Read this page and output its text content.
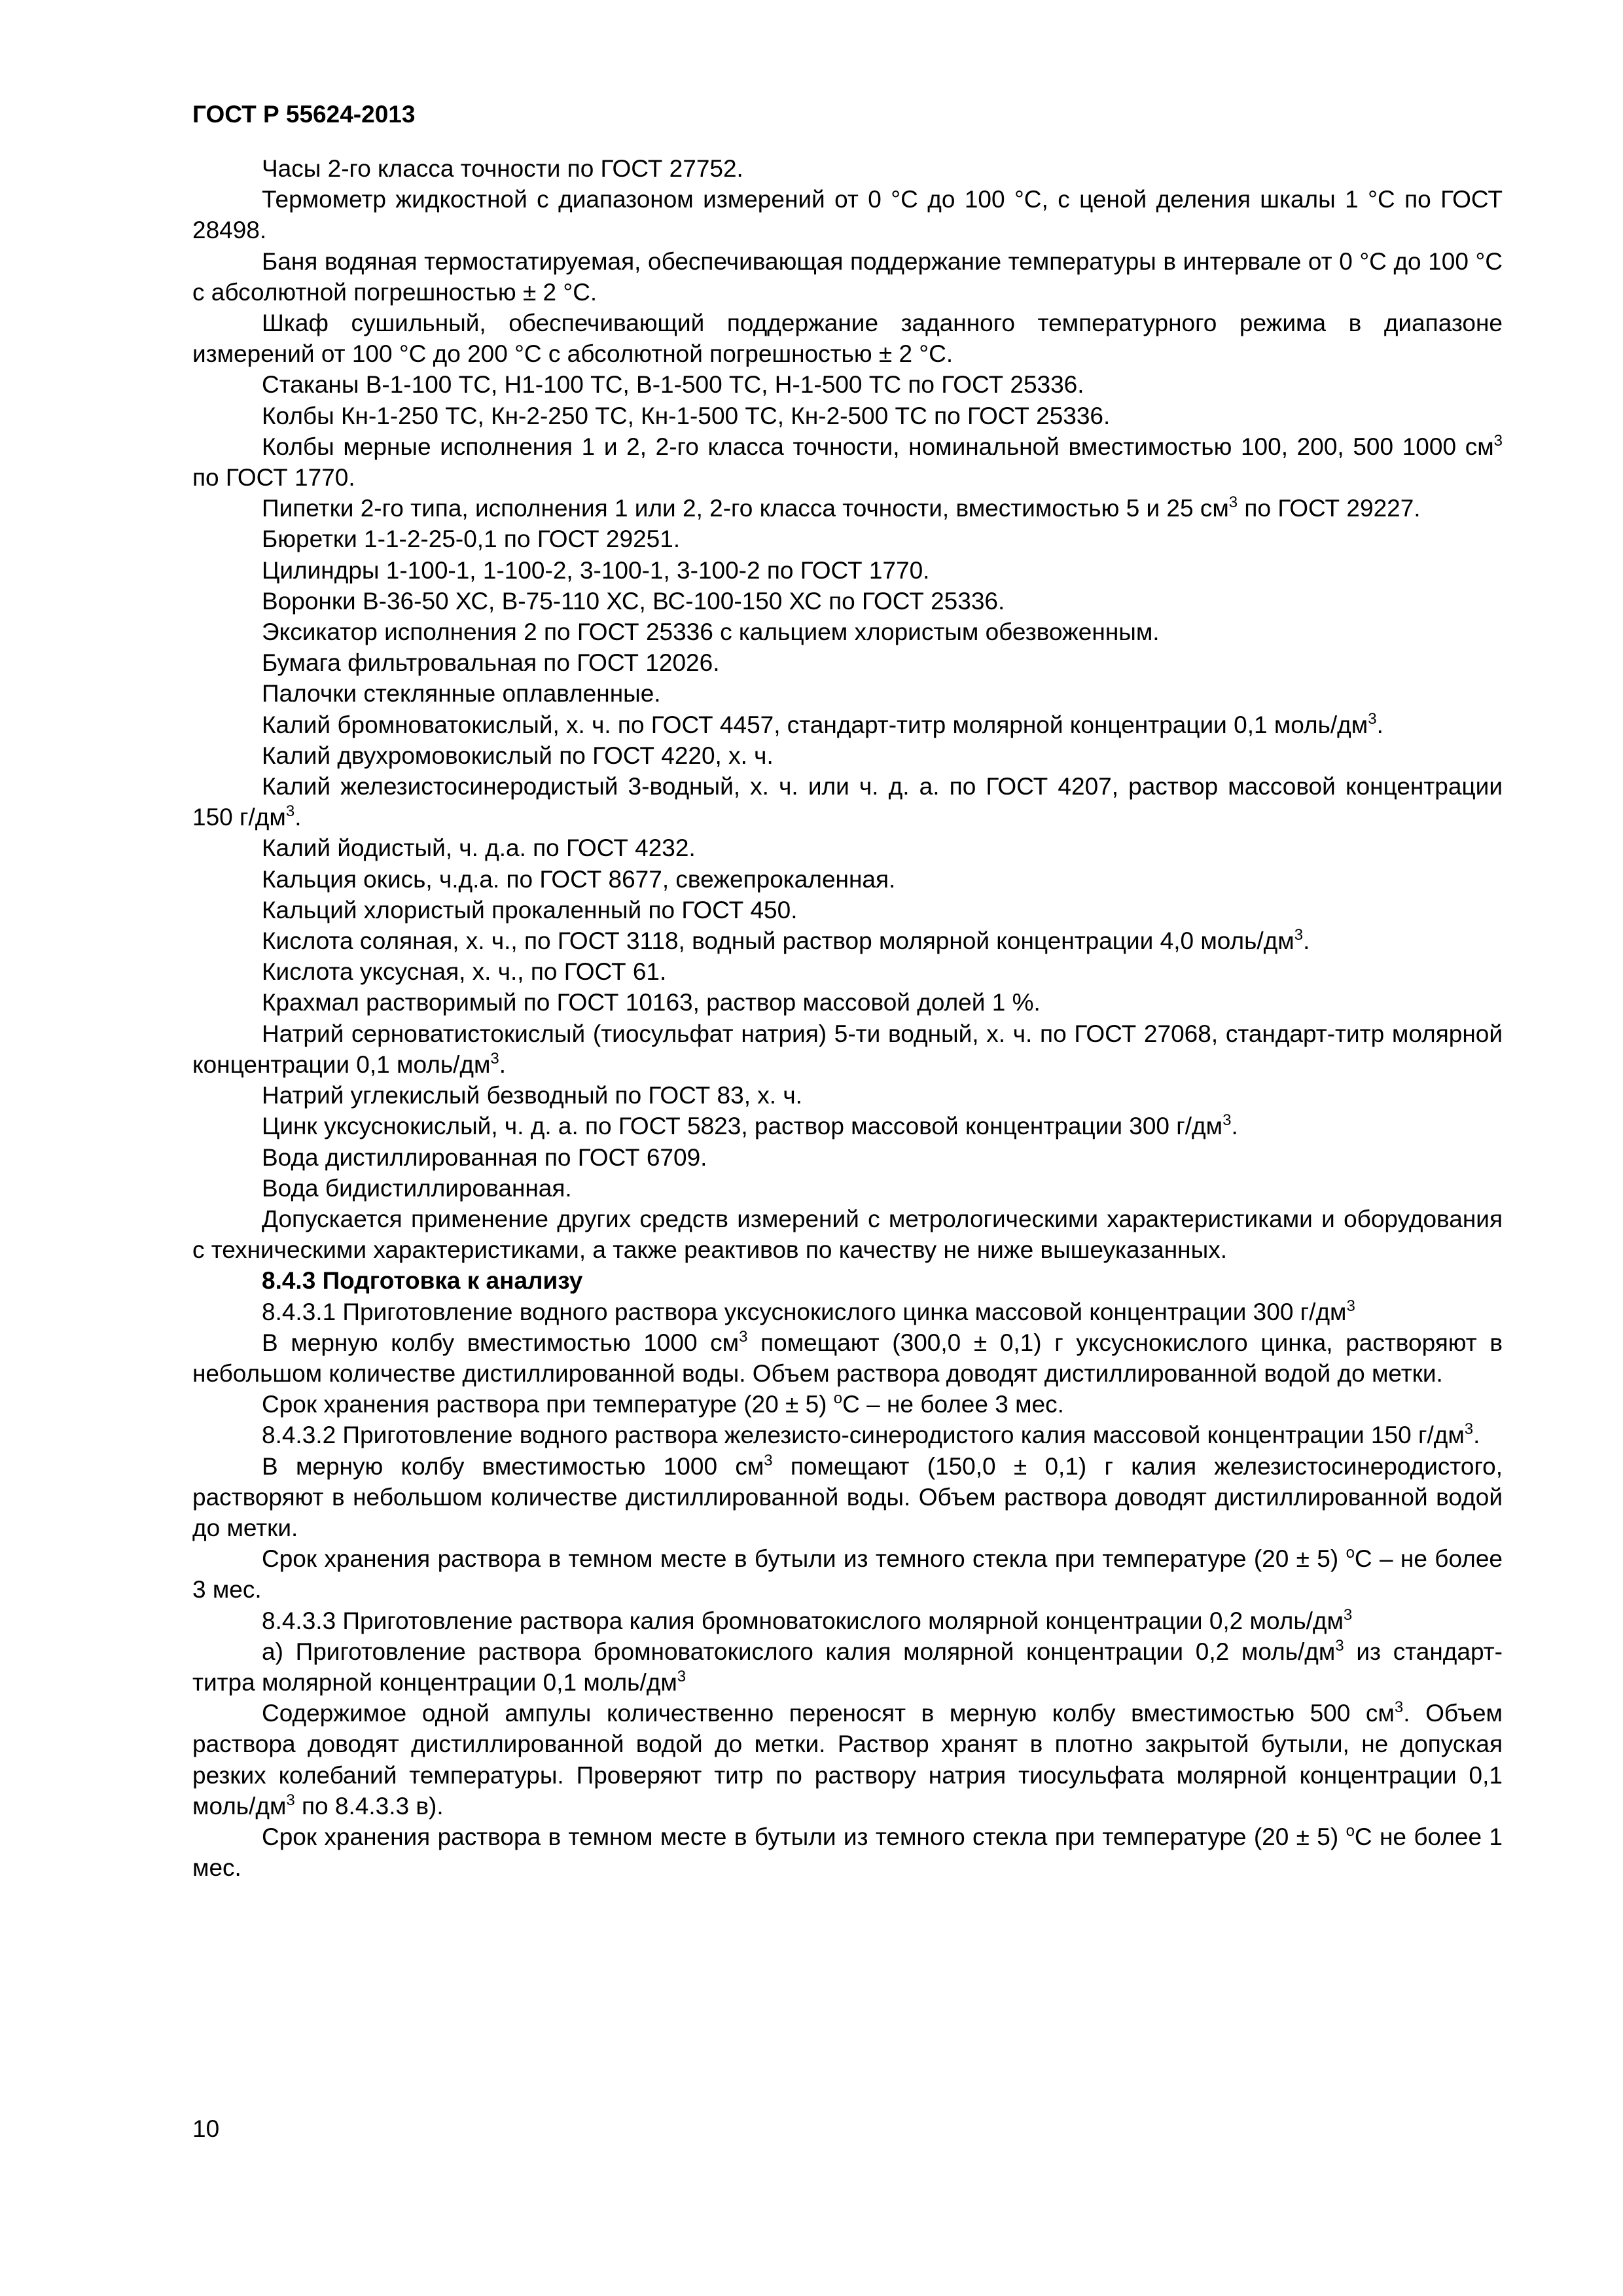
ГОСТ Р 55624-2013

Часы 2-го класса точности по ГОСТ 27752.

Термометр жидкостной с диапазоном измерений от 0 °С до 100 °С, с ценой деления шкалы 1 °С по ГОСТ 28498.

Баня водяная термостатируемая, обеспечивающая поддержание температуры в интервале от 0 °С до 100 °С с абсолютной погрешностью ± 2 °С.

Шкаф сушильный, обеспечивающий поддержание заданного температурного режима в диапазоне измерений от 100 °С до 200 °С с абсолютной погрешностью ± 2 °С.

Стаканы В-1-100 ТС, Н1-100 ТС, В-1-500 ТС, Н-1-500 ТС по ГОСТ 25336.

Колбы Кн-1-250 ТС, Кн-2-250 ТС, Кн-1-500 ТС, Кн-2-500 ТС по ГОСТ 25336.

Колбы мерные исполнения 1 и 2, 2-го класса точности, номинальной вместимостью 100, 200, 500 1000 $см^3$ по ГОСТ 1770.

Пипетки 2-го типа, исполнения 1 или 2, 2-го класса точности, вместимостью 5 и 25 $см^3$ по ГОСТ 29227.

Бюретки 1-1-2-25-0,1 по ГОСТ 29251.

Цилиндры 1-100-1, 1-100-2, 3-100-1, 3-100-2 по ГОСТ 1770.

Воронки В-36-50 ХС, В-75-110 ХС, ВС-100-150 ХС по ГОСТ 25336.

Эксикатор исполнения 2 по ГОСТ 25336 с кальцием хлористым обезвоженным.

Бумага фильтровальная по ГОСТ 12026.

Палочки стеклянные оплавленные.

Калий бромноватокислый, х. ч. по ГОСТ 4457, стандарт-титр молярной концентрации 0,1 моль/$дм^3$.

Калий двухромовокислый по ГОСТ 4220, х. ч.

Калий железистосинеродистый 3-водный, х. ч. или ч. д. а. по ГОСТ 4207, раствор массовой концентрации 150 $г/дм^3$.

Калий йодистый, ч. д.а. по ГОСТ 4232.

Кальция окись, ч.д.а. по ГОСТ 8677, свежепрокаленная.

Кальций хлористый прокаленный по ГОСТ 450.

Кислота соляная, х. ч., по ГОСТ 3118, водный раствор молярной концентрации 4,0 моль/$дм^3$.

Кислота уксусная, х. ч., по ГОСТ 61.

Крахмал растворимый по ГОСТ 10163, раствор массовой долей 1 %.

Натрий серноватистокислый (тиосульфат натрия) 5-ти водный, х. ч. по ГОСТ 27068, стандарт-титр молярной концентрации 0,1 моль/$дм^3$.

Натрий углекислый безводный по ГОСТ 83, х. ч.

Цинк уксуснокислый, ч. д. а. по ГОСТ 5823, раствор массовой концентрации 300 $г/дм^3$.

Вода дистиллированная по ГОСТ 6709.

Вода бидистиллированная.

Допускается применение других средств измерений с метрологическими характеристиками и оборудования с техническими характеристиками, а также реактивов по качеству не ниже вышеуказанных.

8.4.3 Подготовка к анализу

8.4.3.1 Приготовление водного раствора уксуснокислого цинка массовой концентрации 300 $г/дм^3$

В мерную колбу вместимостью 1000 $см^3$ помещают (300,0 ± 0,1) г уксуснокислого цинка, растворяют в небольшом количестве дистиллированной воды. Объем раствора доводят дистиллированной водой до метки.

Срок хранения раствора при температуре (20 ± 5) $^о$С – не более 3 мес.

8.4.3.2 Приготовление водного раствора железисто-синеродистого калия массовой концентрации 150 $г/дм^3$.

В мерную колбу вместимостью 1000 $см^3$ помещают (150,0 ± 0,1) г калия железистосинеродистого, растворяют в небольшом количестве дистиллированной воды. Объем раствора доводят дистиллированной водой до метки.

Срок хранения раствора в темном месте в бутыли из темного стекла при температуре (20 ± 5) $^о$С – не более 3 мес.

8.4.3.3 Приготовление раствора калия бромноватокислого молярной концентрации 0,2 моль/$дм^3$

а) Приготовление раствора бромноватокислого калия молярной концентрации 0,2 моль/$дм^3$ из стандарт-титра молярной концентрации 0,1 моль/$дм^3$

Содержимое одной ампулы количественно переносят в мерную колбу вместимостью 500 $см^3$. Объем раствора доводят дистиллированной водой до метки. Раствор хранят в плотно закрытой бутыли, не допуская резких колебаний температуры. Проверяют титр по раствору натрия тиосульфата молярной концентрации 0,1 моль/$дм^3$ по 8.4.3.3 в).

Срок хранения раствора в темном месте в бутыли из темного стекла при температуре (20 ± 5) $^о$С не более 1 мес.

10
